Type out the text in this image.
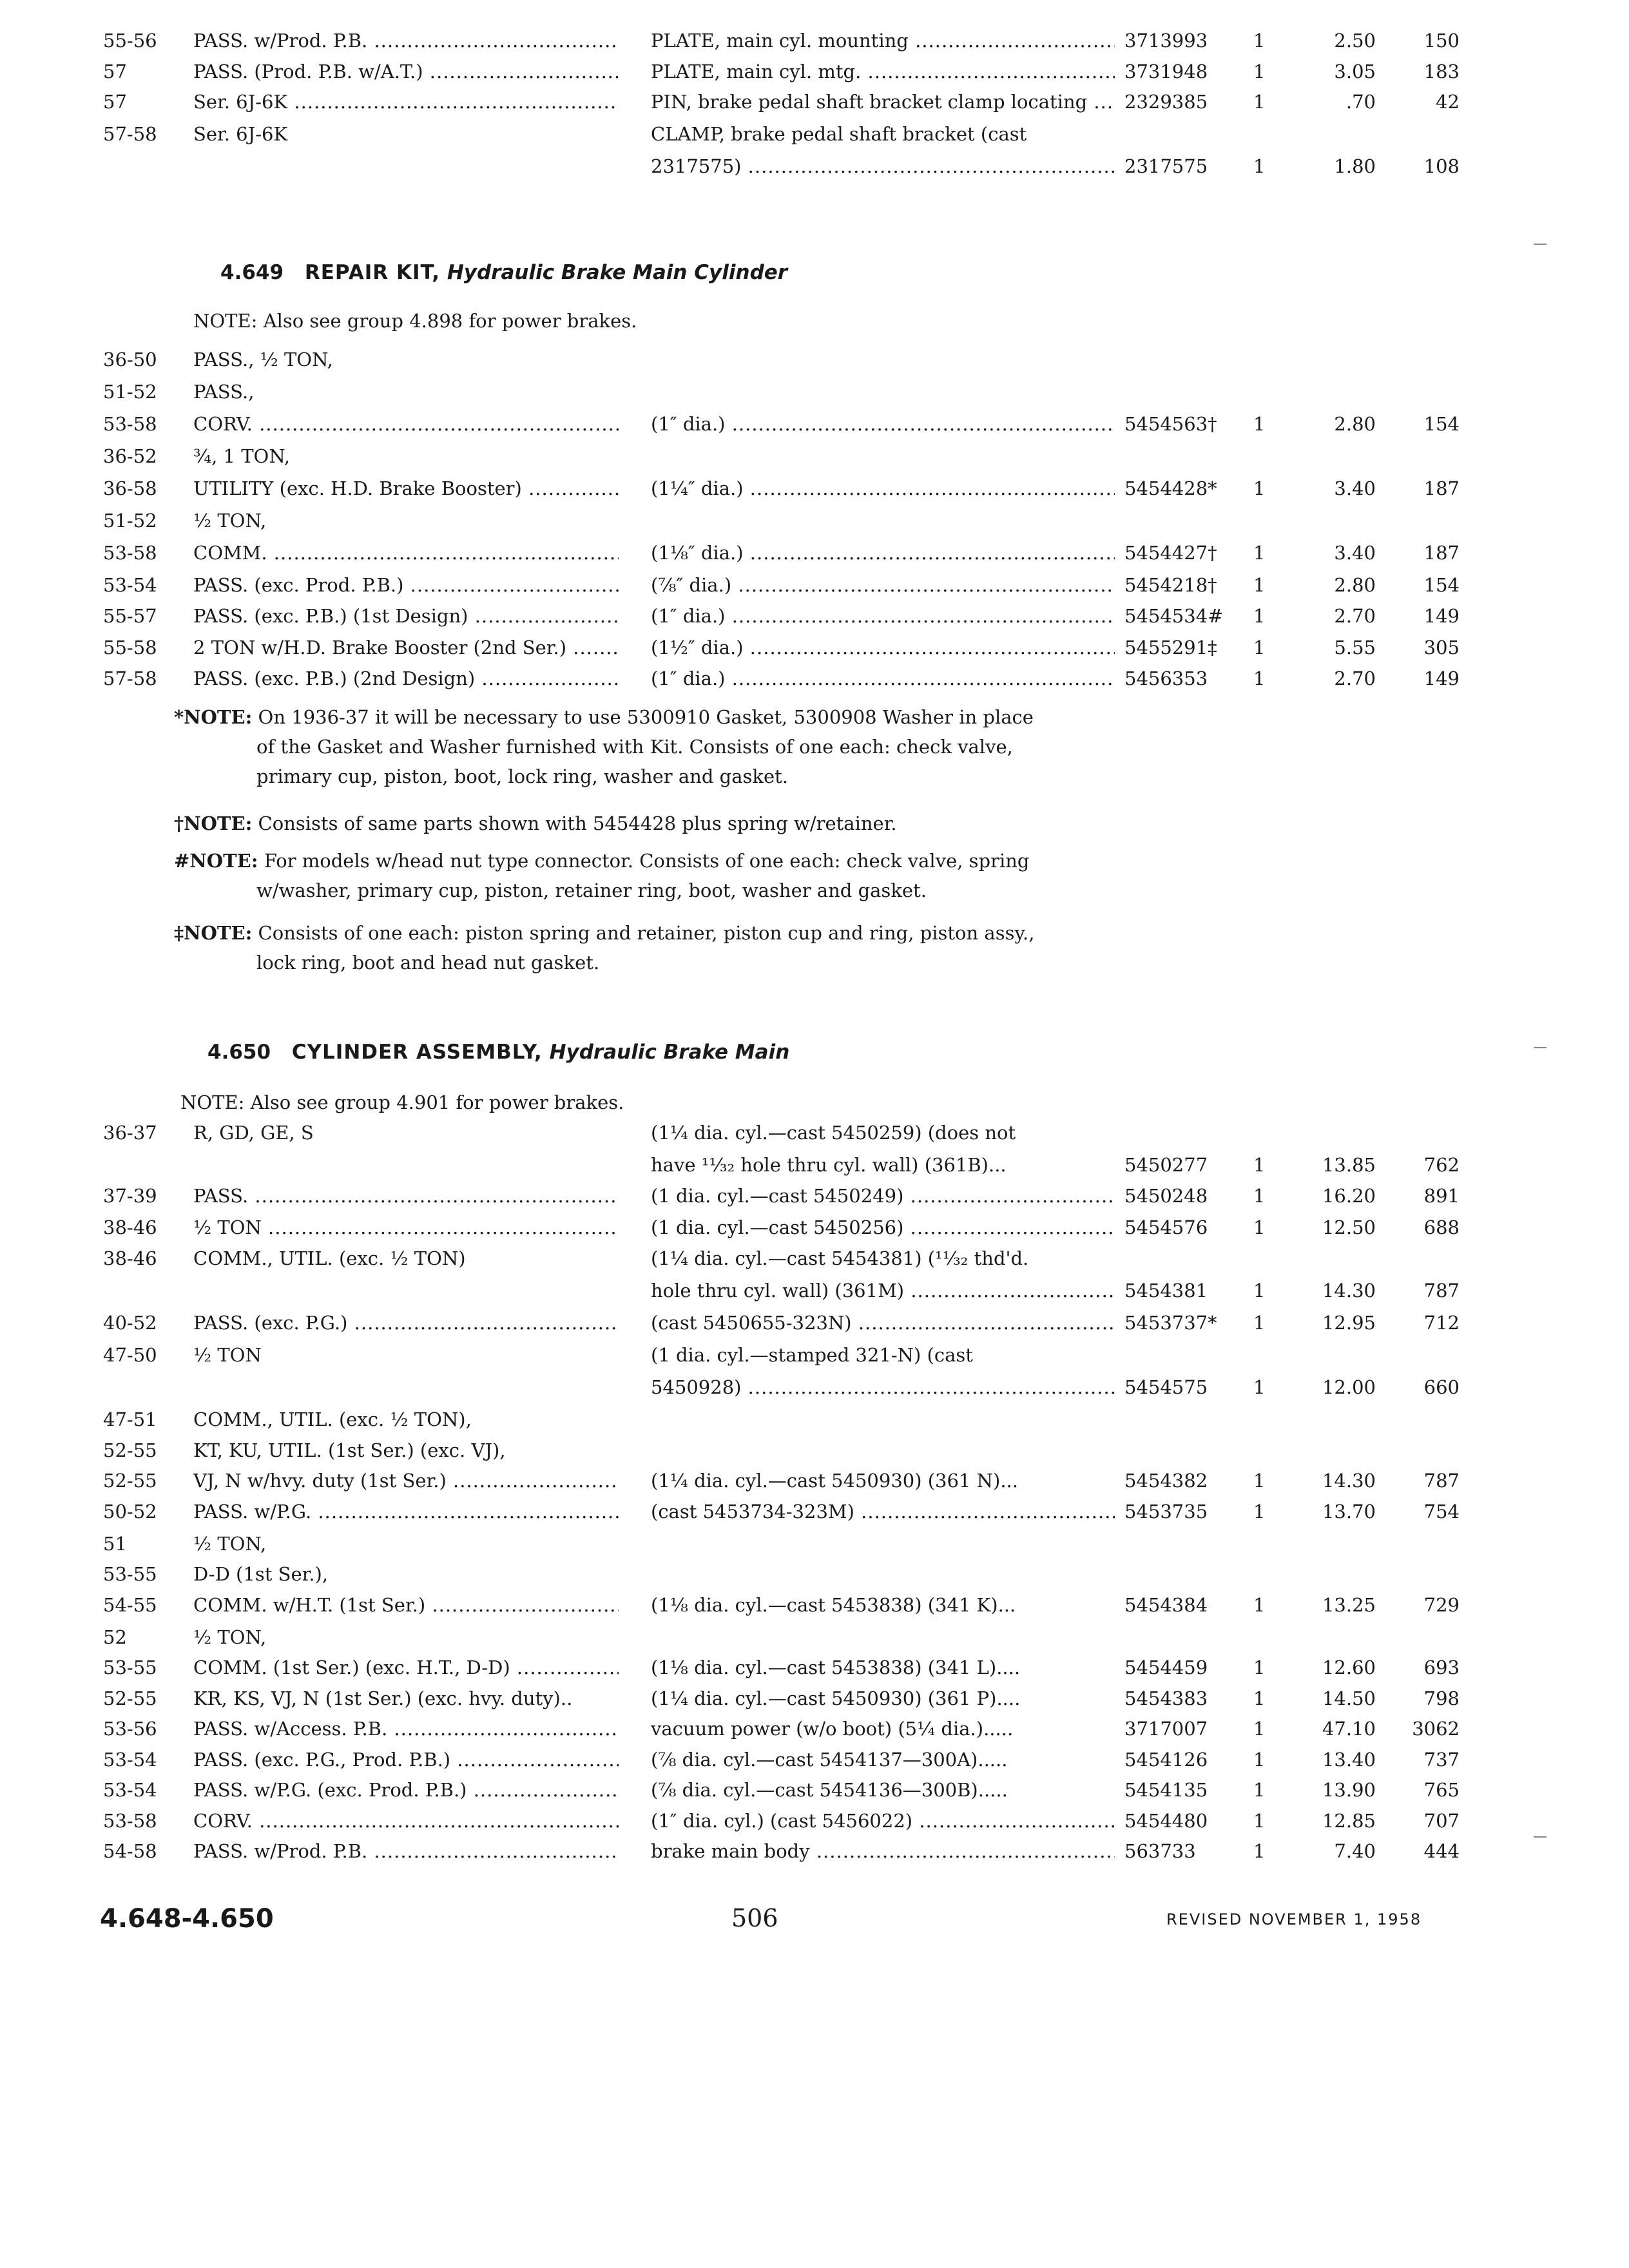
55-56 PASS. w/Prod. P.B. .....	PLATE, main cyl. mounting .....	3713993 1	2.50	150
57	PASS. (Prod. P.B. w/A.T.) .....	PLATE, main cyl. mtg. .....	3731948 1	3.05	183
57	Ser. 6J-6K .....	PIN, brake pedal shaft bracket clamp locating .....	2329385 1	.70	42
57-58 Ser. 6J-6K	CLAMP, brake pedal shaft bracket (cast
2317575) .....	2317575 1	1.80	108
4.649 REPAIR KIT, Hydraulic Brake Main Cylinder
NOTE: Also see group 4.898 for power brakes.
36-50 PASS., ½ TON,
51-52 PASS.,
53-58 CORV. .....	(1″ dia.) .....	5454563† 1	2.80	154
36-52 ¾, 1 TON,
36-58 UTILITY (exc. H.D. Brake Booster) .....	(1¼″ dia.) .....	5454428* 1	3.40	187
51-52 ½ TON,
53-58 COMM. .....	(1⅛″ dia.) .....	5454427† 1	3.40	187
53-54 PASS. (exc. Prod. P.B.) .....	(⅞″ dia.) .....	5454218† 1	2.80	154
55-57 PASS. (exc. P.B.) (1st Design) .....	(1″ dia.) .....	5454534# 1	2.70	149
55-58 2 TON w/H.D. Brake Booster (2nd Ser.) .....	(1½″ dia.) .....	5455291‡ 1	5.55	305
57-58 PASS. (exc. P.B.) (2nd Design) .....	(1″ dia.) .....	5456353 1	2.70	149
*NOTE: On 1936-37 it will be necessary to use 5300910 Gasket, 5300908 Washer in place
of the Gasket and Washer furnished with Kit. Consists of one each: check valve,
primary cup, piston, boot, lock ring, washer and gasket.
†NOTE: Consists of same parts shown with 5454428 plus spring w/retainer.
#NOTE: For models w/head nut type connector. Consists of one each: check valve, spring
w/washer, primary cup, piston, retainer ring, boot, washer and gasket.
‡NOTE: Consists of one each: piston spring and retainer, piston cup and ring, piston assy.,
lock ring, boot and head nut gasket.
4.650 CYLINDER ASSEMBLY, Hydraulic Brake Main
NOTE: Also see group 4.901 for power brakes.
36-37 R, GD, GE, S	(1¼ dia. cyl.—cast 5450259) (does not
have ¹¹⁄₃₂ hole thru cyl. wall) (361B)...	5450277 1	13.85	762
37-39 PASS. .....	(1 dia. cyl.—cast 5450249) .....	5450248 1	16.20	891
38-46 ½ TON .....	(1 dia. cyl.—cast 5450256) .....	5454576 1	12.50	688
38-46 COMM., UTIL. (exc. ½ TON)	(1¼ dia. cyl.—cast 5454381) (¹¹⁄₃₂ thd'd.
hole thru cyl. wall) (361M) .....	5454381 1	14.30	787
40-52 PASS. (exc. P.G.) .....	(cast 5450655-323N) .....	5453737* 1	12.95	712
47-50 ½ TON	(1 dia. cyl.—stamped 321-N) (cast
5450928) .....	5454575 1	12.00	660
47-51 COMM., UTIL. (exc. ½ TON),
52-55 KT, KU, UTIL. (1st Ser.) (exc. VJ),
52-55 VJ, N w/hvy. duty (1st Ser.) .....	(1¼ dia. cyl.—cast 5450930) (361 N)...	5454382 1	14.30	787
50-52 PASS. w/P.G. .....	(cast 5453734-323M) .....	5453735 1	13.70	754
51	½ TON,
53-55 D-D (1st Ser.),
54-55 COMM. w/H.T. (1st Ser.) .....	(1⅛ dia. cyl.—cast 5453838) (341 K)...	5454384 1	13.25	729
52	½ TON,
53-55 COMM. (1st Ser.) (exc. H.T., D-D) .....	(1⅛ dia. cyl.—cast 5453838) (341 L)....	5454459 1	12.60	693
52-55 KR, KS, VJ, N (1st Ser.) (exc. hvy. duty)..	(1¼ dia. cyl.—cast 5450930) (361 P)....	5454383 1	14.50	798
53-56 PASS. w/Access. P.B. .....	vacuum power (w/o boot) (5¼ dia.).....	3717007 1	47.10	3062
53-54 PASS. (exc. P.G., Prod. P.B.) .....	(⅞ dia. cyl.—cast 5454137—300A).....	5454126 1	13.40	737
53-54 PASS. w/P.G. (exc. Prod. P.B.) .....	(⅞ dia. cyl.—cast 5454136—300B).....	5454135 1	13.90	765
53-58 CORV. .....	(1″ dia. cyl.) (cast 5456022) .....	5454480 1	12.85	707
54-58 PASS. w/Prod. P.B. .....	brake main body .....	563733	1	7.40	444
4.648-4.650	506	REVISED NOVEMBER 1, 1958
